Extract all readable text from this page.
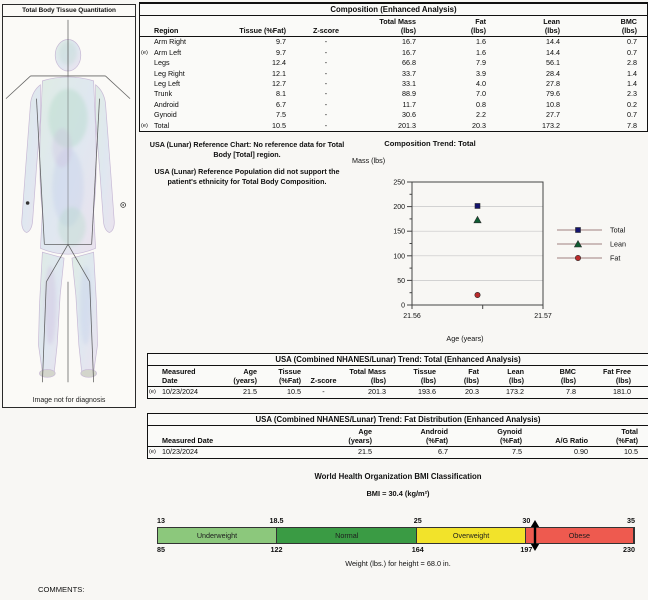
Total Body Tissue Quantitation
Image not for diagnosis
Composition (Enhanced Analysis)
Total Mass	Fat	Lean	BMC
Region	Tissue (%Fat)	Z-score	(lbs)	(lbs)	(lbs)	(lbs)
Arm Right	9.7	-	16.7	1.6	14.4	0.7
(e) Arm Left	9.7	-	16.7	1.6	14.4	0.7
Legs	12.4	-	66.8	7.9	56.1	2.8
Leg Right	12.1	-	33.7	3.9	28.4	1.4
Leg Left	12.7	-	33.1	4.0	27.8	1.4
Trunk	8.1	-	88.9	7.0	79.6	2.3
Android	6.7	-	11.7	0.8	10.8	0.2
Gynoid	7.5	-	30.6	2.2	27.7	0.7
(e) Total	10.5	-	201.3	20.3	173.2	7.8

USA (Lunar) Reference Chart: No reference data for Total Body [Total] region.

USA (Lunar) Reference Population did not support the patient's ethnicity for Total Body Composition.

Composition Trend: Total
Mass (lbs)
0
50
100
150
200
250
21.56	21.57
Total
Lean
Fat
Age (years)
USA (Combined NHANES/Lunar) Trend: Total (Enhanced Analysis)
Measured	Age	Tissue	Total Mass	Tissue	Fat	Lean	BMC	Fat Free
Date	(years)	(%Fat)	Z-score	(lbs)	(lbs)	(lbs)	(lbs)	(lbs)	(lbs)
(e) 10/23/2024	21.5	10.5	-	201.3	193.6	20.3	173.2	7.8	181.0
USA (Combined NHANES/Lunar) Trend: Fat Distribution (Enhanced Analysis)
Age	Android	Gynoid	Total
Measured Date	(years)	(%Fat)	(%Fat)	A/G Ratio	(%Fat)
(e) 10/23/2024	21.5	6.7	7.5	0.90	10.5
World Health Organization BMI Classification
BMI = 30.4 (kg/m²)
13	18.5	25	30	35
Underweight	Normal	Overweight	Obese
85	122	164	197	230
Weight (lbs.) for height = 68.0 in.
COMMENTS:
